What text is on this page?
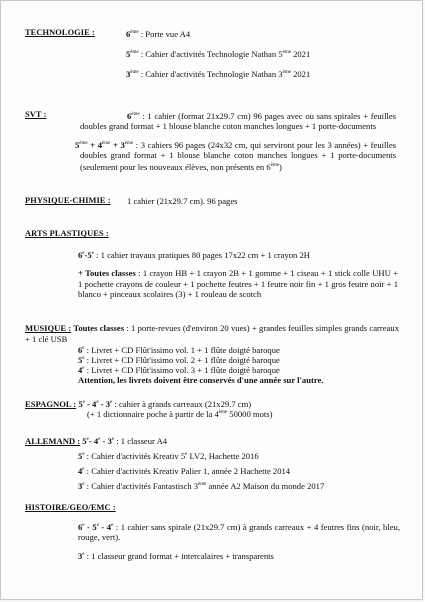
TECHNOLOGIE :	6ème : Porte vue A4
5ème : Cahier d'activités Technologie Nathan 5ème 2021
3ème : Cahier d'activités Technologie Nathan 3ème 2021
SVT :	6ème : 1 cahier (format 21x29.7 cm) 96 pages avec ou sans spirales + feuilles doubles grand format + 1 blouse blanche coton manches longues + 1 porte-documents
5ème + 4ème + 3ème : 3 cahiers 96 pages (24x32 cm, qui serviront pour les 3 années) + feuilles doubles grand format + 1 blouse blanche coton manches longues + 1 porte-documents (seulement pour les nouveaux élèves, non présents en 6ème)
PHYSIQUE-CHIMIE : 1 cahier (21x29.7 cm). 96 pages
ARTS PLASTIQUES :
6e-5e : 1 cahier travaux pratiques 80 pages 17x22 cm + 1 crayon 2H
+ Toutes classes : 1 crayon HB + 1 crayon 2B + 1 gomme + 1 ciseau + 1 stick colle UHU + 1 pochette crayons de couleur + 1 pochette feutres + 1 feutre noir fin + 1 gros feutre noir + 1 blanco + pinceaux scolaires (3) + 1 rouleau de scotch
MUSIQUE : Toutes classes : 1 porte-revues (d'environ 20 vues) + grandes feuilles simples grands carreaux + 1 clé USB
6e : Livret + CD Flût'issimo vol. 1 + 1 flûte doigté baroque
5e : Livret + CD Flût'issimo vol. 2 + 1 flûte doigté baroque
4e : Livret + CD Flût'issimo vol. 3 + 1 flûte doigté baroque
Attention, les livrets doivent être conservés d'une année sur l'autre.
ESPAGNOL : 5e - 4e - 3e : cahier à grands carreaux (21x29.7 cm)
(+ 1 dictionnaire poche à partir de la 4ème 50000 mots)
ALLEMAND : 5e- 4e - 3e : 1 classeur A4
5e : Cahier d'activités Kreativ 5e LV2, Hachette 2016
4e : Cahier d'activités Kreativ Palier 1, année 2 Hachette 2014
3e : Cahier d'activités Fantastisch 3ème année A2 Maison du monde 2017
HISTOIRE/GEO/EMC :
6e - 5e - 4e : 1 cahier sans spirale (21x29.7 cm) à grands carreaux + 4 feutres fins (noir, bleu, rouge, vert).
3e : 1 classeur grand format + intercalaires + transparents
